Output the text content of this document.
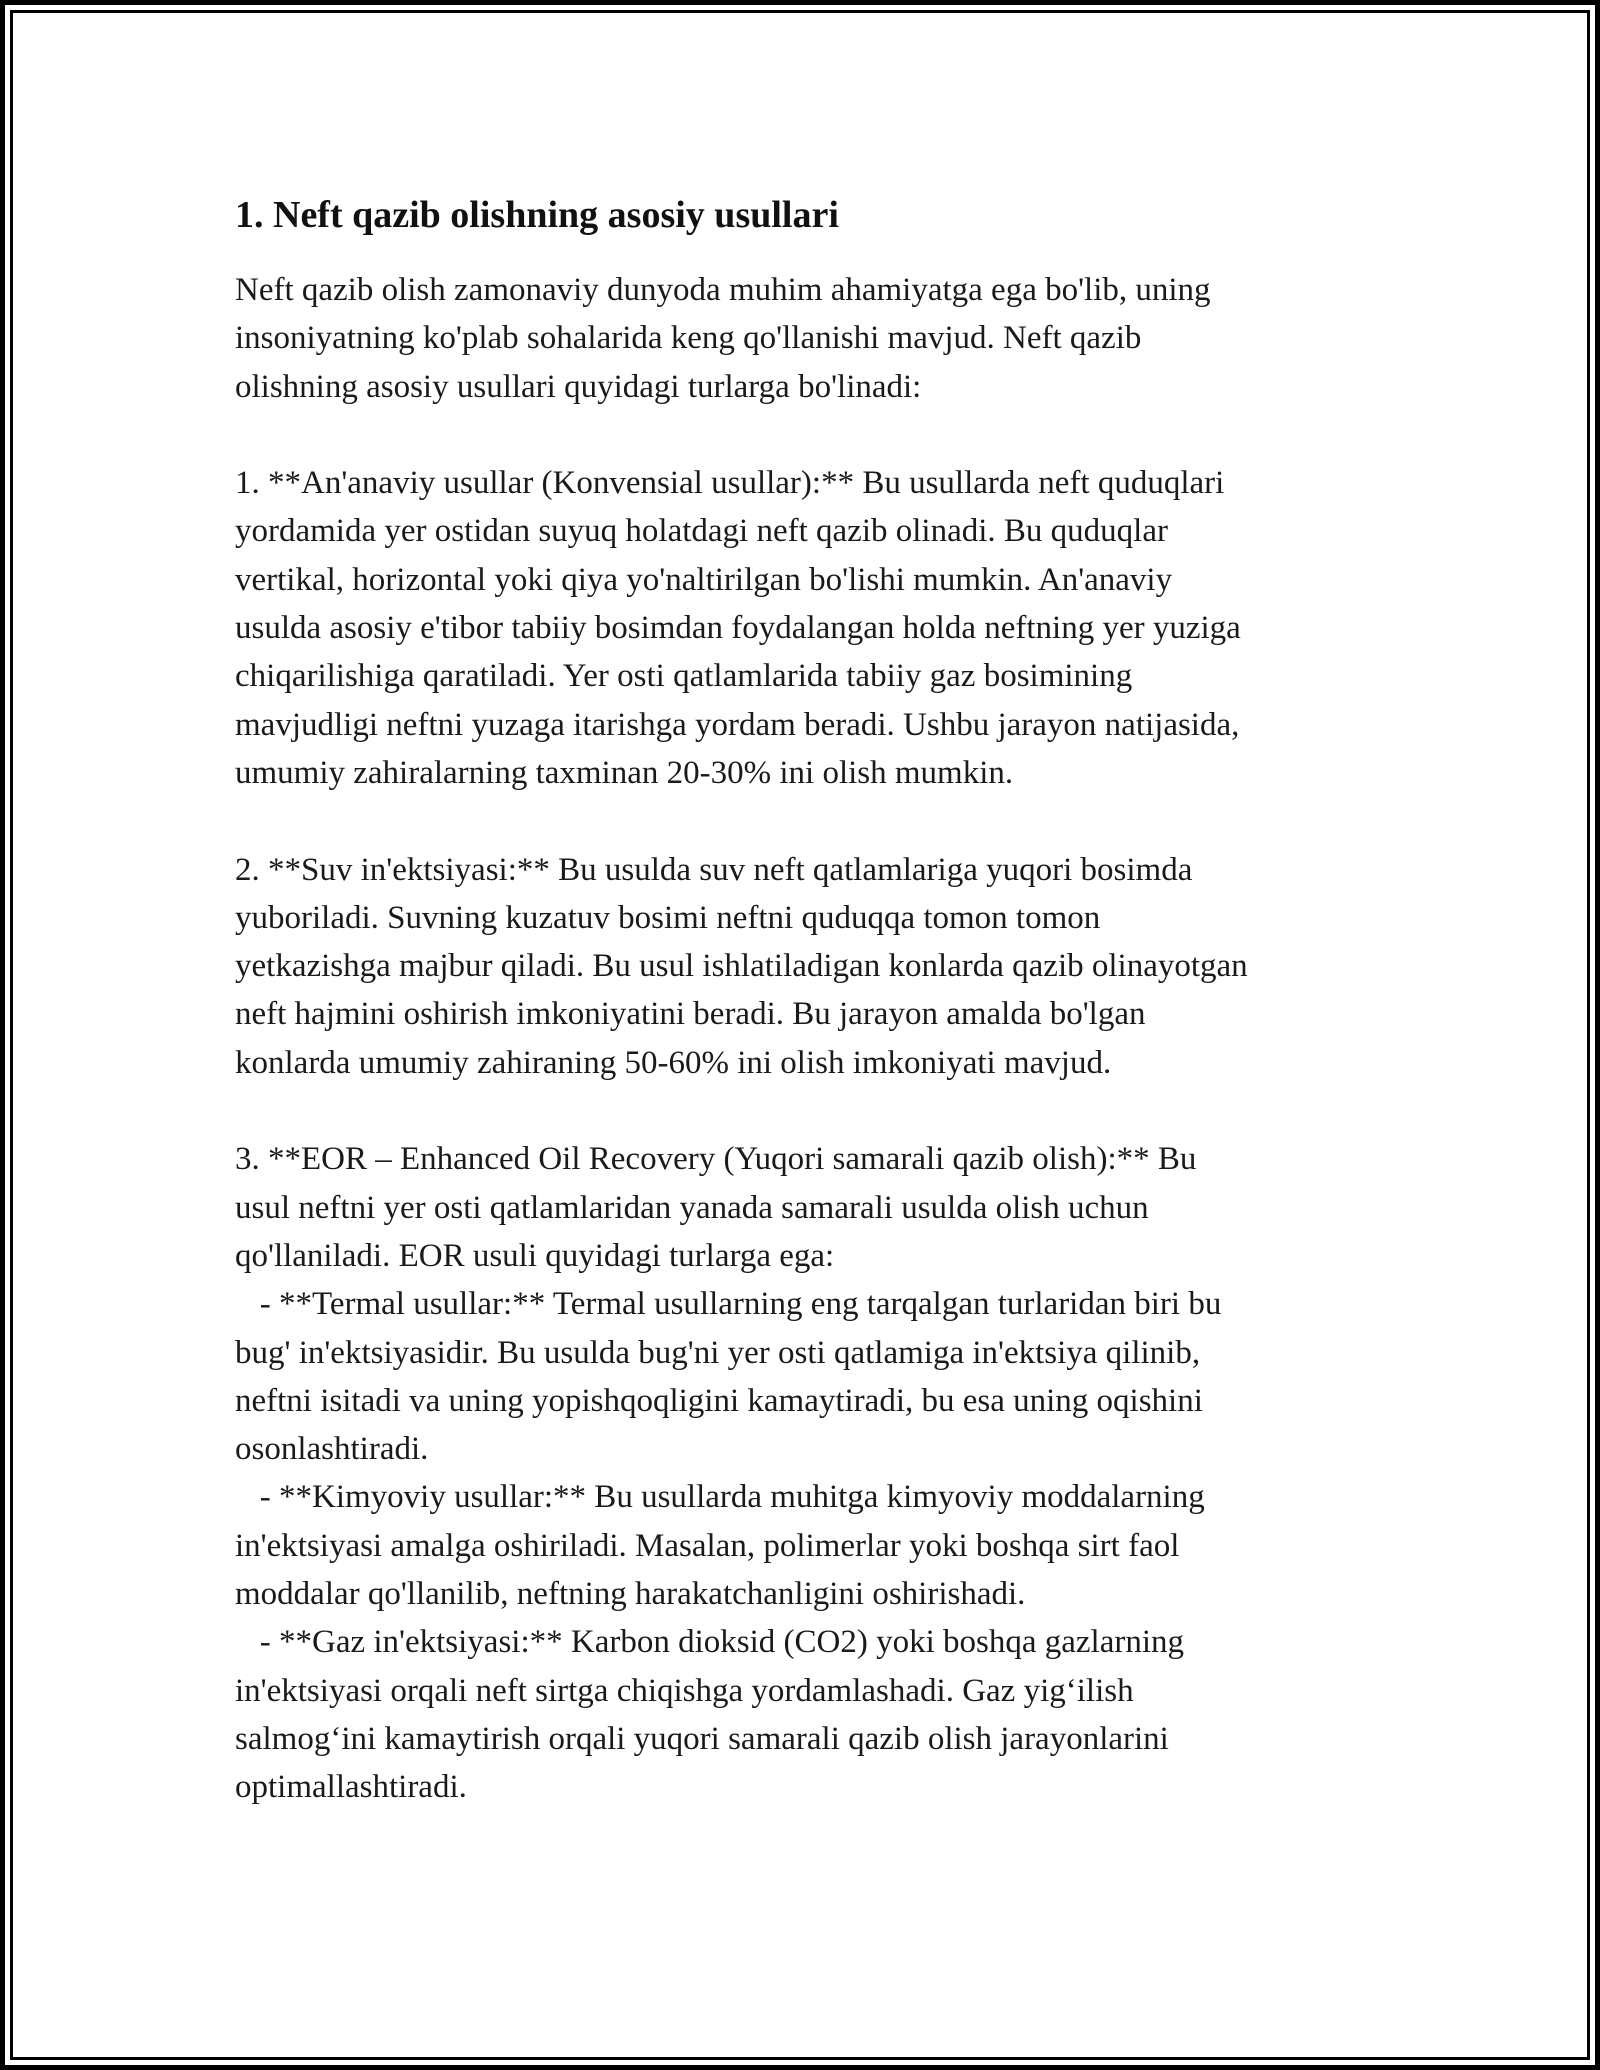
1. Neft qazib olishning asosiy usullari

Neft qazib olish zamonaviy dunyoda muhim ahamiyatga ega bo'lib, uning
insoniyatning ko'plab sohalarida keng qo'llanishi mavjud. Neft qazib
olishning asosiy usullari quyidagi turlarga bo'linadi:

1. **An'anaviy usullar (Konvensial usullar):** Bu usullarda neft quduqlari
yordamida yer ostidan suyuq holatdagi neft qazib olinadi. Bu quduqlar
vertikal, horizontal yoki qiya yo'naltirilgan bo'lishi mumkin. An'anaviy
usulda asosiy e'tibor tabiiy bosimdan foydalangan holda neftning yer yuziga
chiqarilishiga qaratiladi. Yer osti qatlamlarida tabiiy gaz bosimining
mavjudligi neftni yuzaga itarishga yordam beradi. Ushbu jarayon natijasida,
umumiy zahiralarning taxminan 20-30% ini olish mumkin.

2. **Suv in'ektsiyasi:** Bu usulda suv neft qatlamlariga yuqori bosimda
yuboriladi. Suvning kuzatuv bosimi neftni quduqqa tomon tomon
yetkazishga majbur qiladi. Bu usul ishlatiladigan konlarda qazib olinayotgan
neft hajmini oshirish imkoniyatini beradi. Bu jarayon amalda bo'lgan
konlarda umumiy zahiraning 50-60% ini olish imkoniyati mavjud.

3. **EOR – Enhanced Oil Recovery (Yuqori samarali qazib olish):** Bu
usul neftni yer osti qatlamlaridan yanada samarali usulda olish uchun
qo'llaniladi. EOR usuli quyidagi turlarga ega:
- **Termal usullar:** Termal usullarning eng tarqalgan turlaridan biri bu
bug' in'ektsiyasidir. Bu usulda bug'ni yer osti qatlamiga in'ektsiya qilinib,
neftni isitadi va uning yopishqoqligini kamaytiradi, bu esa uning oqishini
osonlashtiradi.
- **Kimyoviy usullar:** Bu usullarda muhitga kimyoviy moddalarning
in'ektsiyasi amalga oshiriladi. Masalan, polimerlar yoki boshqa sirt faol
moddalar qo'llanilib, neftning harakatchanligini oshirishadi.
- **Gaz in'ektsiyasi:** Karbon dioksid (CO2) yoki boshqa gazlarning
in'ektsiyasi orqali neft sirtga chiqishga yordamlashadi. Gaz yig‘ilish
salmog‘ini kamaytirish orqali yuqori samarali qazib olish jarayonlarini
optimallashtiradi.
